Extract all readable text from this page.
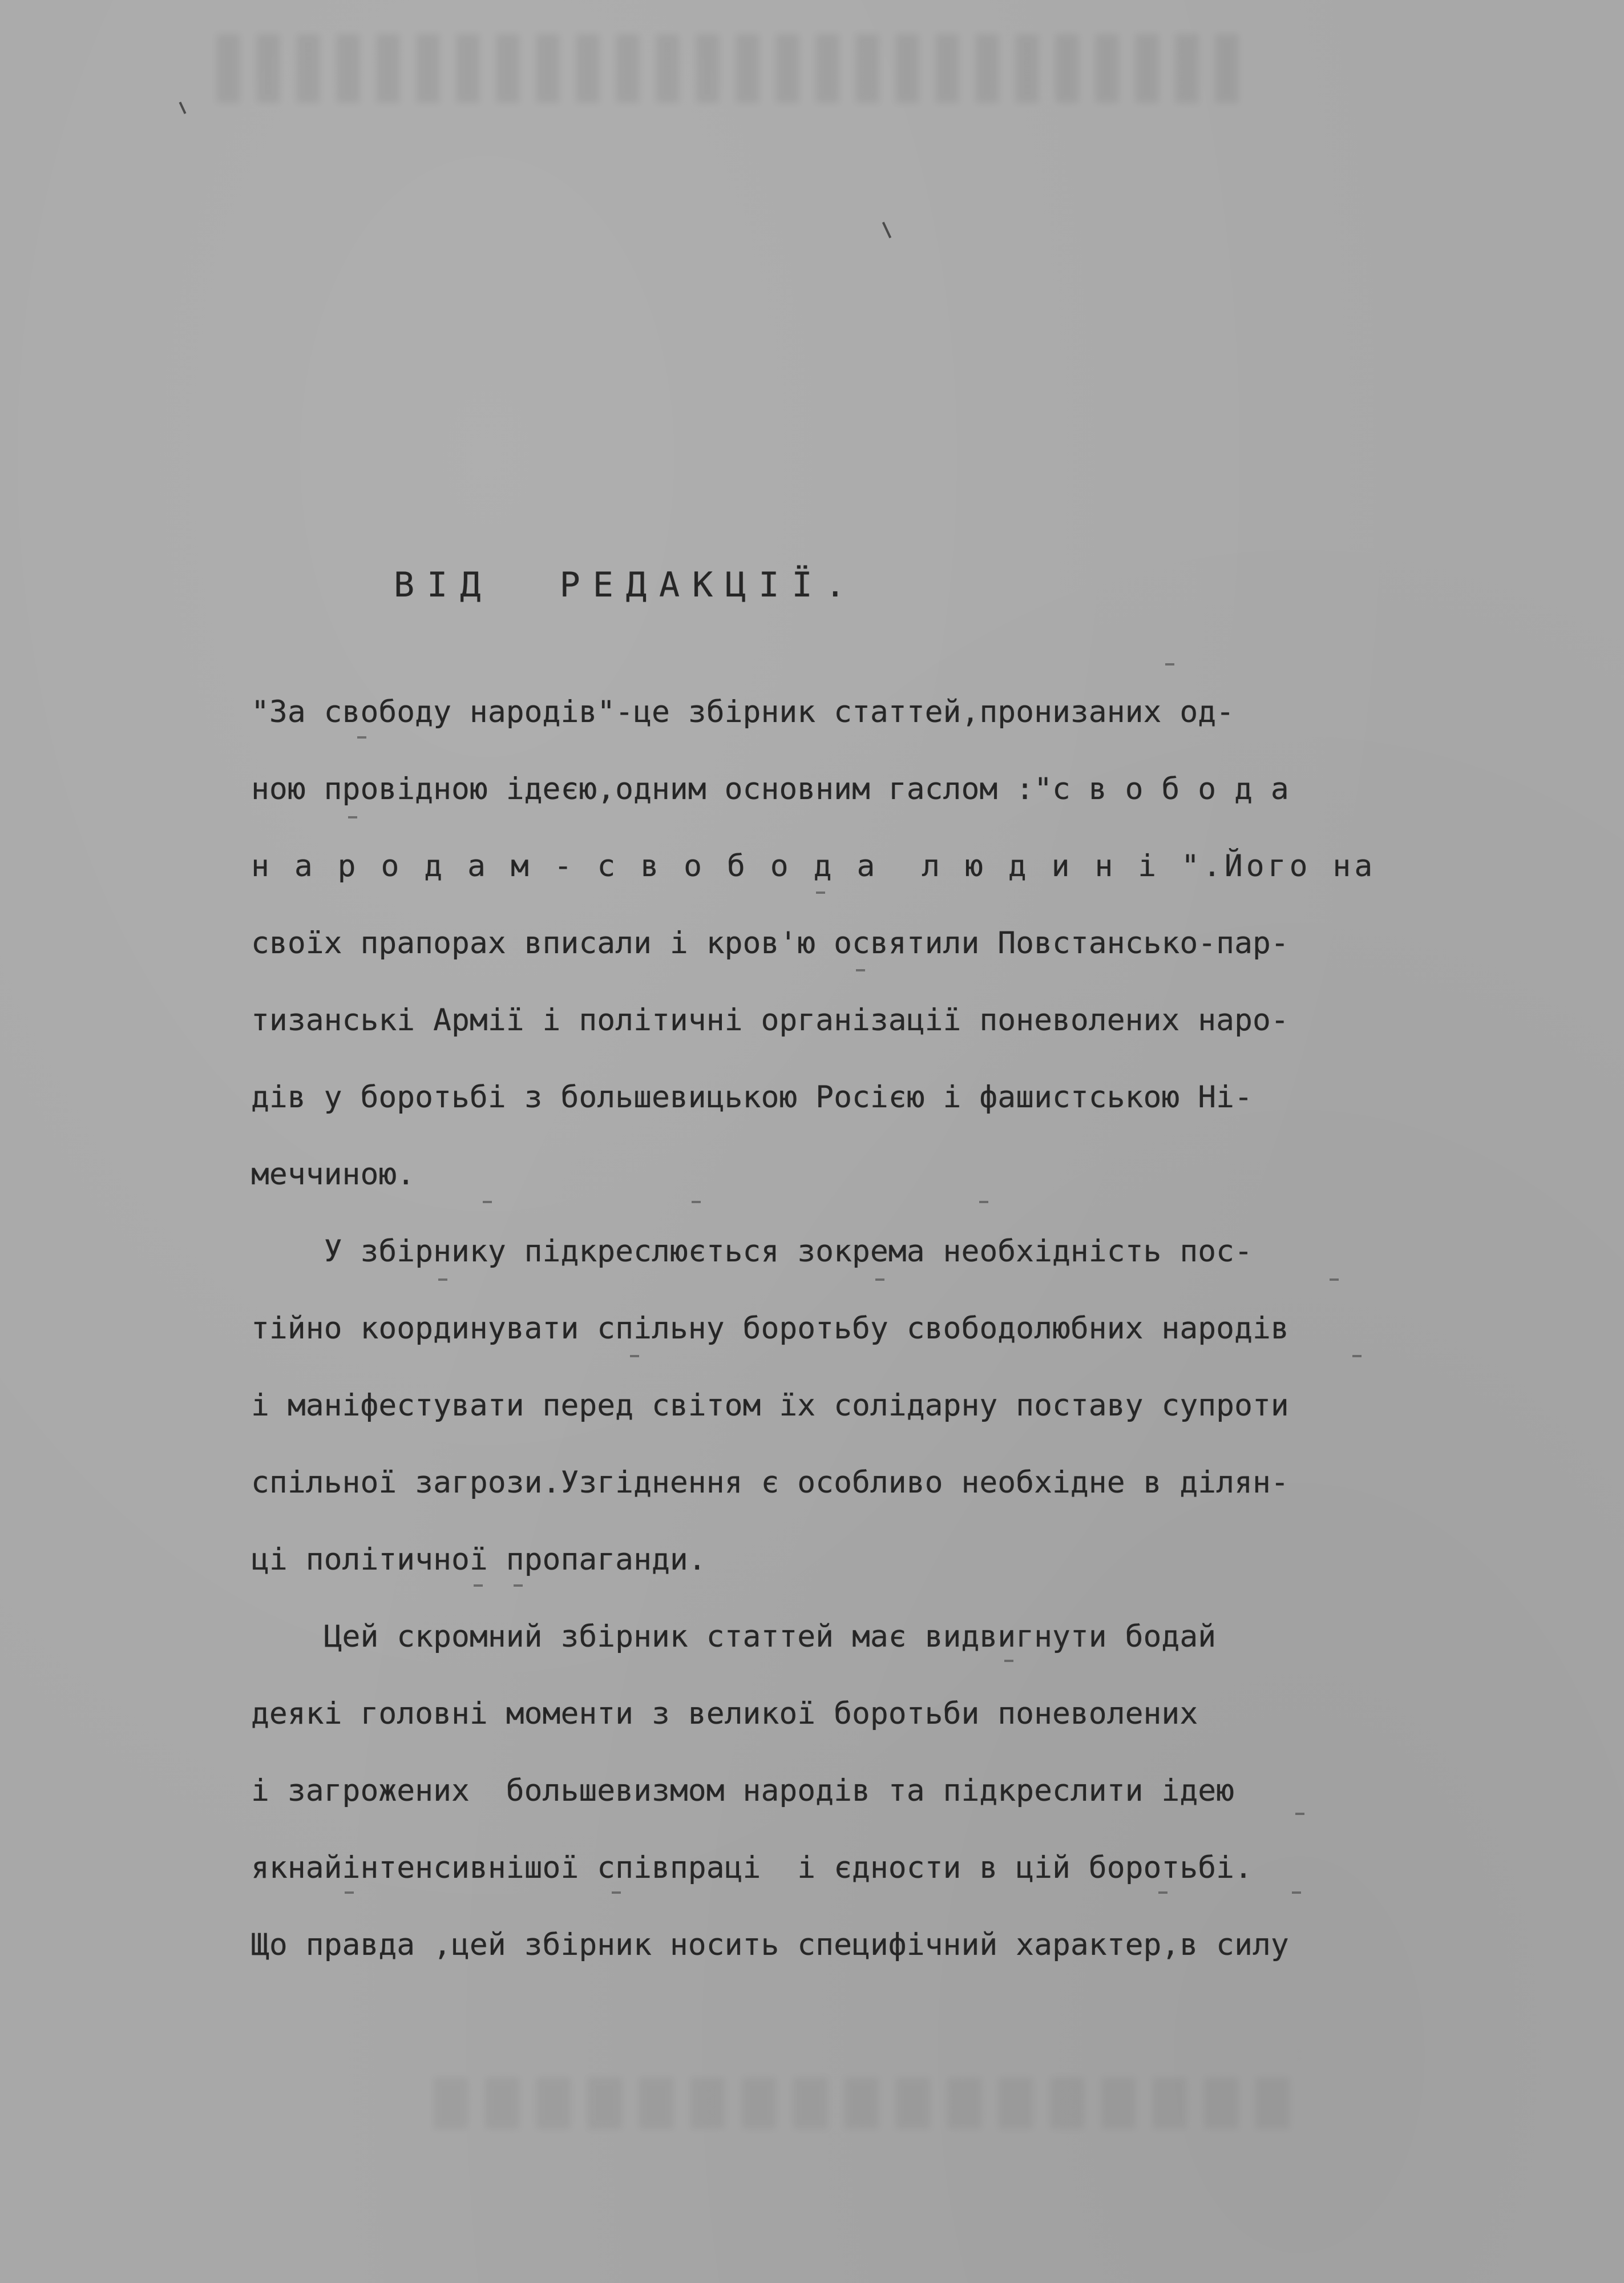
ВІД  РЕДАКЦІЇ.
"За свободу народів"-це збірник статтей,пронизаних од-
ною провідною ідеєю,одним основним гаслом :"с в о б о д а
н а р о д а м - с в о б о д а  л ю д и н і ".Його на
своїх прапорах вписали і кров'ю освятили Повстансько-пар-
тизанські Армії і політичні організації поневолених наро-
дів у боротьбі з большевицькою Росією і фашистською Ні-
меччиною.
У збірнику підкреслюється зокрема необхідність пос-
тійно координувати спільну боротьбу свободолюбних народів
і маніфестувати перед світом їх солідарну поставу супроти
спільної загрози.Узгіднення є особливо необхідне в ділян-
ці політичної пропаганди.
Цей скромний збірник статтей має видвигнути бодай
деякі головні моменти з великої боротьби поневолених
і загрожених  большевизмом народів та підкреслити ідею
якнайінтенсивнішої співпраці  і єдности в цій боротьбі.
Що правда ,цей збірник носить специфічний характер,в силу
